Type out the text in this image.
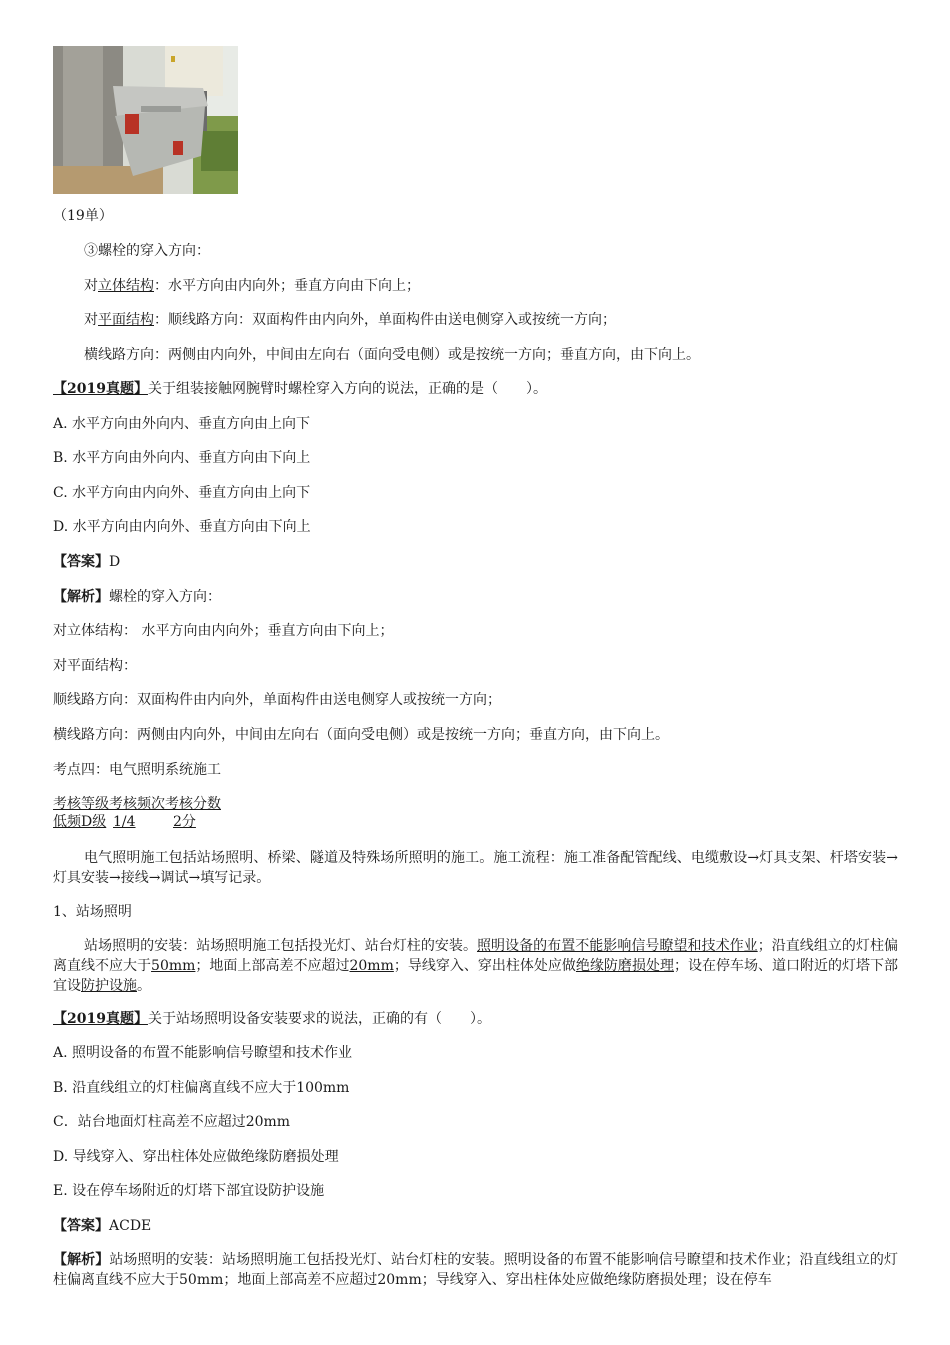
（19单）
③螺栓的穿入方向：
对立体结构：水平方向由内向外；垂直方向由下向上；
对平面结构：顺线路方向：双面构件由内向外，单面构件由送电侧穿入或按统一方向；
横线路方向：两侧由内向外，中间由左向右（面向受电侧）或是按统一方向；垂直方向，由下向上。
【2019真题】关于组装接触网腕臂时螺栓穿入方向的说法，正确的是（　　）。
A. 水平方向由外向内、垂直方向由上向下
B. 水平方向由外向内、垂直方向由下向上
C. 水平方向由内向外、垂直方向由上向下
D. 水平方向由内向外、垂直方向由下向上
【答案】D
【解析】螺栓的穿入方向：
对立体结构： 水平方向由内向外；垂直方向由下向上；
对平面结构：
顺线路方向：双面构件由内向外，单面构件由送电侧穿人或按统一方向；
横线路方向：两侧由内向外，中间由左向右（面向受电侧）或是按统一方向；垂直方向，由下向上。
考点四：电气照明系统施工
考核等级考核频次考核分数
低频D级 1/4	2分
电气照明施工包括站场照明、桥梁、隧道及特殊场所照明的施工。施工流程：施工准备配管配线、电缆敷设→灯具支架、杆塔安装→灯具安装→接线→调试→填写记录。
1、站场照明
站场照明的安装：站场照明施工包括投光灯、站台灯柱的安装。照明设备的布置不能影响信号瞭望和技术作业；沿直线组立的灯柱偏离直线不应大于50mm；地面上部高差不应超过20mm；导线穿入、穿出柱体处应做绝缘防磨损处理；设在停车场、道口附近的灯塔下部宜设防护设施。
【2019真题】关于站场照明设备安装要求的说法，正确的有（　　）。
A. 照明设备的布置不能影响信号瞭望和技术作业
B. 沿直线组立的灯柱偏离直线不应大于100mm
C．站台地面灯柱高差不应超过20mm
D. 导线穿入、穿出柱体处应做绝缘防磨损处理
E. 设在停车场附近的灯塔下部宜设防护设施
【答案】ACDE
【解析】站场照明的安装：站场照明施工包括投光灯、站台灯柱的安装。照明设备的布置不能影响信号瞭望和技术作业；沿直线组立的灯柱偏离直线不应大于50mm；地面上部高差不应超过20mm；导线穿入、穿出柱体处应做绝缘防磨损处理；设在停车
